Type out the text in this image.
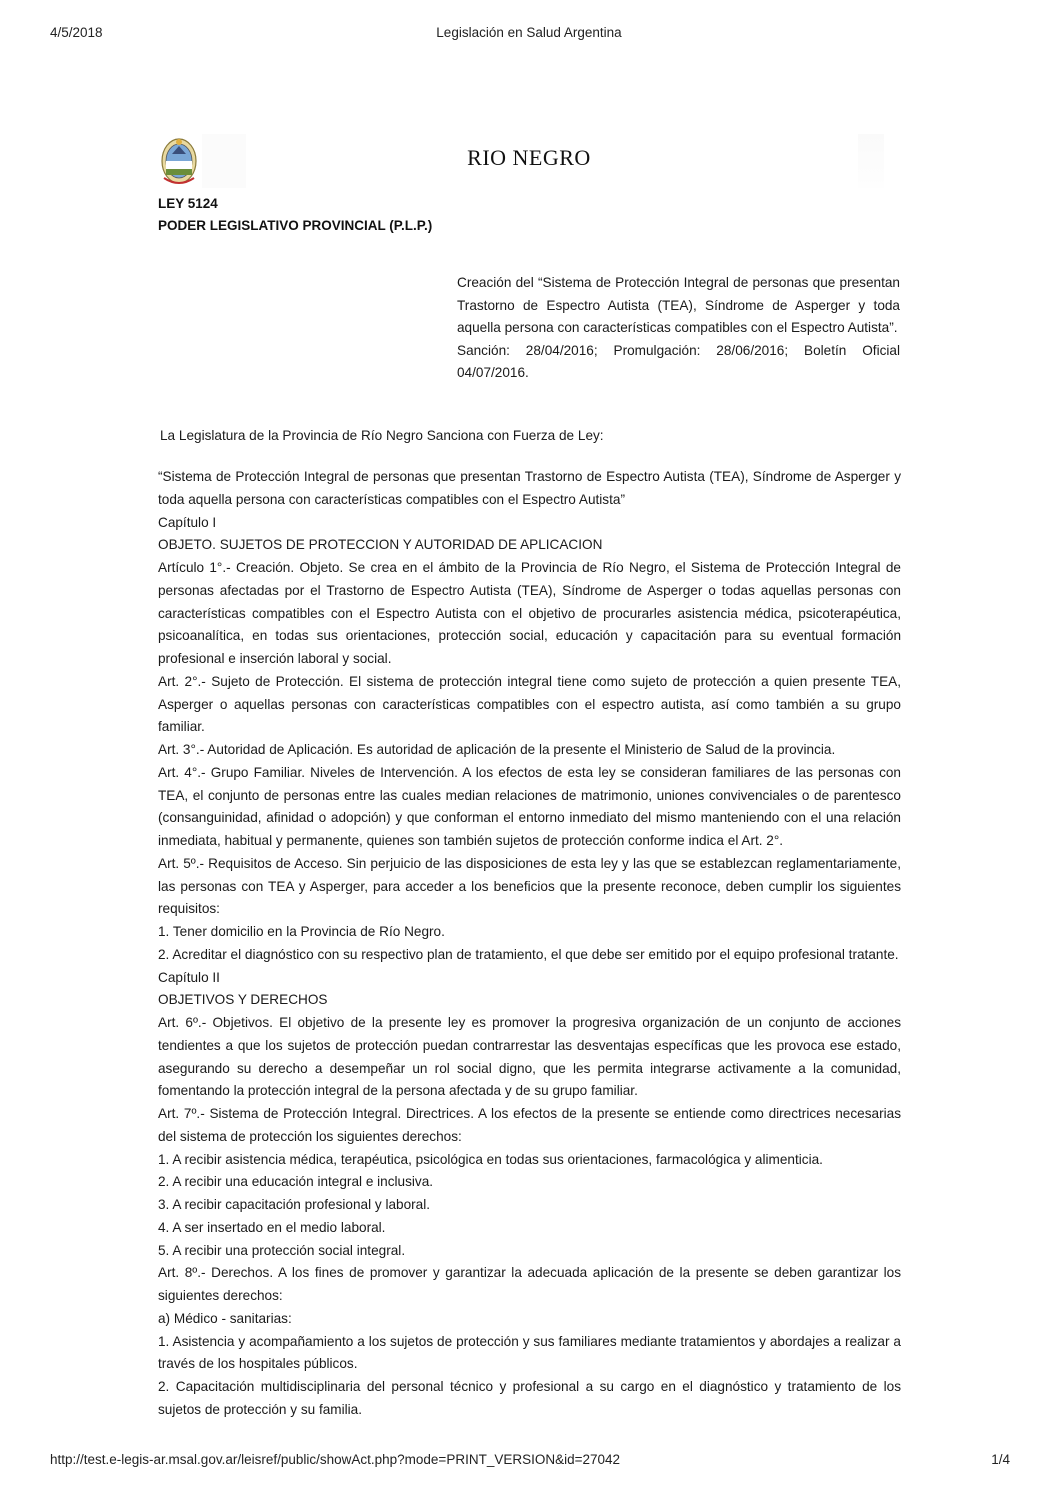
4/5/2018	Legislación en Salud Argentina
RIO NEGRO
LEY 5124
PODER LEGISLATIVO PROVINCIAL (P.L.P.)

Creación del “Sistema de Protección Integral de personas que presentan Trastorno de Espectro Autista (TEA), Síndrome de Asperger y toda aquella persona con características compatibles con el Espectro Autista”.

Sanción: 28/04/2016; Promulgación: 28/06/2016; Boletín Oficial 04/07/2016.

La Legislatura de la Provincia de Río Negro Sanciona con Fuerza de Ley:

“Sistema de Protección Integral de personas que presentan Trastorno de Espectro Autista (TEA), Síndrome de Asperger y toda aquella persona con características compatibles con el Espectro Autista”

Capítulo I

OBJETO. SUJETOS DE PROTECCION Y AUTORIDAD DE APLICACION

Artículo 1°.- Creación. Objeto. Se crea en el ámbito de la Provincia de Río Negro, el Sistema de Protección Integral de personas afectadas por el Trastorno de Espectro Autista (TEA), Síndrome de Asperger o todas aquellas personas con características compatibles con el Espectro Autista con el objetivo de procurarles asistencia médica, psicoterapéutica, psicoanalítica, en todas sus orientaciones, protección social, educación y capacitación para su eventual formación profesional e inserción laboral y social.

Art. 2°.- Sujeto de Protección. El sistema de protección integral tiene como sujeto de protección a quien presente TEA, Asperger o aquellas personas con características compatibles con el espectro autista, así como también a su grupo familiar.

Art. 3°.- Autoridad de Aplicación. Es autoridad de aplicación de la presente el Ministerio de Salud de la provincia.

Art. 4°.- Grupo Familiar. Niveles de Intervención. A los efectos de esta ley se consideran familiares de las personas con TEA, el conjunto de personas entre las cuales median relaciones de matrimonio, uniones convivenciales o de parentesco (consanguinidad, afinidad o adopción) y que conforman el entorno inmediato del mismo manteniendo con el una relación inmediata, habitual y permanente, quienes son también sujetos de protección conforme indica el Art. 2°.

Art. 5º.- Requisitos de Acceso. Sin perjuicio de las disposiciones de esta ley y las que se establezcan reglamentariamente, las personas con TEA y Asperger, para acceder a los beneficios que la presente reconoce, deben cumplir los siguientes requisitos:

1. Tener domicilio en la Provincia de Río Negro.

2. Acreditar el diagnóstico con su respectivo plan de tratamiento, el que debe ser emitido por el equipo profesional tratante.

Capítulo II

OBJETIVOS Y DERECHOS

Art. 6º.- Objetivos. El objetivo de la presente ley es promover la progresiva organización de un conjunto de acciones tendientes a que los sujetos de protección puedan contrarrestar las desventajas específicas que les provoca ese estado, asegurando su derecho a desempeñar un rol social digno, que les permita integrarse activamente a la comunidad, fomentando la protección integral de la persona afectada y de su grupo familiar.

Art. 7º.- Sistema de Protección Integral. Directrices. A los efectos de la presente se entiende como directrices necesarias del sistema de protección los siguientes derechos:

1. A recibir asistencia médica, terapéutica, psicológica en todas sus orientaciones, farmacológica y alimenticia.

2. A recibir una educación integral e inclusiva.

3. A recibir capacitación profesional y laboral.

4. A ser insertado en el medio laboral.

5. A recibir una protección social integral.

Art. 8º.- Derechos. A los fines de promover y garantizar la adecuada aplicación de la presente se deben garantizar los siguientes derechos:

a) Médico - sanitarias:

1. Asistencia y acompañamiento a los sujetos de protección y sus familiares mediante tratamientos y abordajes a realizar a través de los hospitales públicos.

2. Capacitación multidisciplinaria del personal técnico y profesional a su cargo en el diagnóstico y tratamiento de los sujetos de protección y su familia.

http://test.e-legis-ar.msal.gov.ar/leisref/public/showAct.php?mode=PRINT_VERSION&id=27042	1/4
